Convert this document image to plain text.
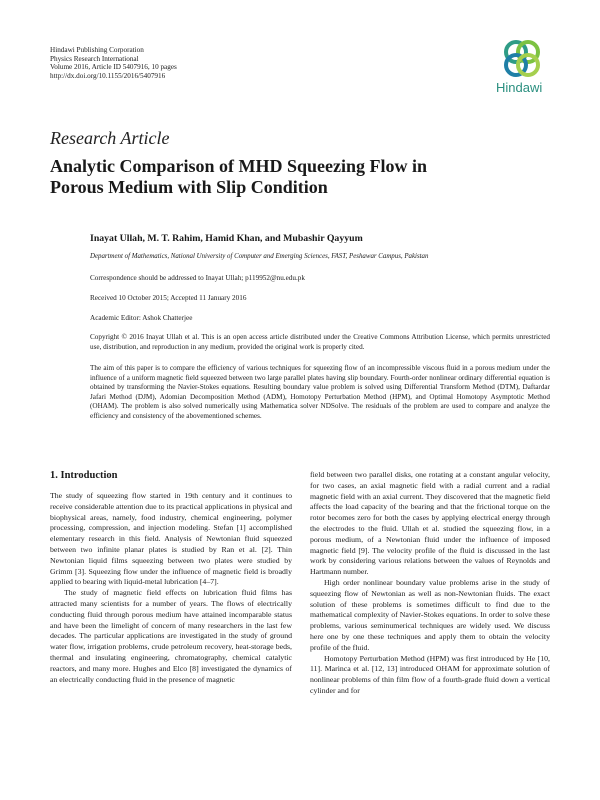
Hindawi Publishing Corporation
Physics Research International
Volume 2016, Article ID 5407916, 10 pages
http://dx.doi.org/10.1155/2016/5407916
Hindawi
Research Article
Analytic Comparison of MHD Squeezing Flow in
Porous Medium with Slip Condition
Inayat Ullah, M. T. Rahim, Hamid Khan, and Mubashir Qayyum
Department of Mathematics, National University of Computer and Emerging Sciences, FAST, Peshawar Campus, Pakistan
Correspondence should be addressed to Inayat Ullah; p119952@nu.edu.pk
Received 10 October 2015; Accepted 11 January 2016
Academic Editor: Ashok Chatterjee
Copyright © 2016 Inayat Ullah et al. This is an open access article distributed under the Creative Commons Attribution License, which permits unrestricted use, distribution, and reproduction in any medium, provided the original work is properly cited.
The aim of this paper is to compare the efficiency of various techniques for squeezing flow of an incompressible viscous fluid in a porous medium under the influence of a uniform magnetic field squeezed between two large parallel plates having slip boundary. Fourth-order nonlinear ordinary differential equation is obtained by transforming the Navier-Stokes equations. Resulting boundary value problem is solved using Differential Transform Method (DTM), Daftardar Jafari Method (DJM), Adomian Decomposition Method (ADM), Homotopy Perturbation Method (HPM), and Optimal Homotopy Asymptotic Method (OHAM). The problem is also solved numerically using Mathematica solver NDSolve. The residuals of the problem are used to compare and analyze the efficiency and consistency of the abovementioned schemes.
1. Introduction

The study of squeezing flow started in 19th century and it continues to receive considerable attention due to its practical applications in physical and biophysical areas, namely, food industry, chemical engineering, polymer processing, compression, and injection modeling. Stefan [1] accomplished elementary research in this field. Analysis of Newtonian fluid squeezed between two infinite planar plates is studied by Ran et al. [2]. Thin Newtonian liquid films squeezing between two plates were studied by Grimm [3]. Squeezing flow under the influence of magnetic field is broadly applied to bearing with liquid-metal lubrication [4–7].

The study of magnetic field effects on lubrication fluid films has attracted many scientists for a number of years. The flows of electrically conducting fluid through porous medium have attained incomparable status and have been the limelight of concern of many researchers in the last few decades. The particular applications are investigated in the study of ground water flow, irrigation problems, crude petroleum recovery, heat-storage beds, thermal and insulating engineering, chromatography, chemical catalytic reactors, and many more. Hughes and Elco [8] investigated the dynamics of an electrically conducting fluid in the presence of magnetic

field between two parallel disks, one rotating at a constant angular velocity, for two cases, an axial magnetic field with a radial current and a radial magnetic field with an axial current. They discovered that the magnetic field affects the load capacity of the bearing and that the frictional torque on the rotor becomes zero for both the cases by applying electrical energy through the electrodes to the fluid. Ullah et al. studied the squeezing flow, in a porous medium, of a Newtonian fluid under the influence of imposed magnetic field [9]. The velocity profile of the fluid is discussed in the last work by considering various relations between the values of Reynolds and Hartmann number.

High order nonlinear boundary value problems arise in the study of squeezing flow of Newtonian as well as non-Newtonian fluids. The exact solution of these problems is sometimes difficult to find due to the mathematical complexity of Navier-Stokes equations. In order to solve these problems, various seminumerical techniques are widely used. We discuss here one by one these techniques and apply them to obtain the velocity profile of the fluid.

Homotopy Perturbation Method (HPM) was first introduced by He [10, 11]. Marinca et al. [12, 13] introduced OHAM for approximate solution of nonlinear problems of thin film flow of a fourth-grade fluid down a vertical cylinder and for
